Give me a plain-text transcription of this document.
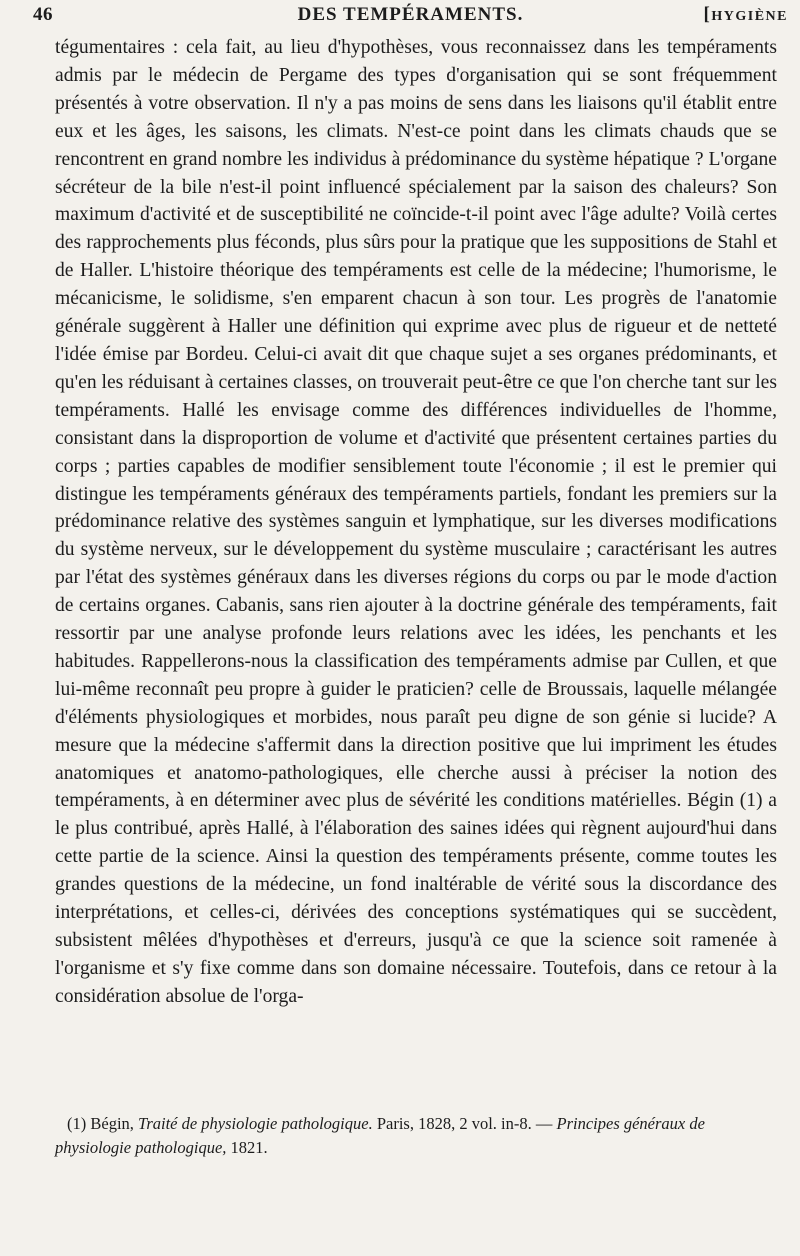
46	DES TEMPÉRAMENTS.
[	HYGIÈNE

tégumentaires : cela fait, au lieu d'hypothèses, vous reconnaissez dans les tempéraments admis par le médecin de Pergame des types d'organisation qui se sont fréquemment présentés à votre observation. Il n'y a pas moins de sens dans les liaisons qu'il établit entre eux et les âges, les saisons, les climats. N'est-ce point dans les climats chauds que se rencontrent en grand nombre les individus à prédominance du système hépatique ? L'organe sécréteur de la bile n'est-il point influencé spécialement par la saison des chaleurs? Son maximum d'activité et de susceptibilité ne coïncide-t-il point avec l'âge adulte? Voilà certes des rapprochements plus féconds, plus sûrs pour la pratique que les suppositions de Stahl et de Haller. L'histoire théorique des tempéraments est celle de la médecine; l'humorisme, le mécanicisme, le solidisme, s'en emparent chacun à son tour. Les progrès de l'anatomie générale suggèrent à Haller une définition qui exprime avec plus de rigueur et de netteté l'idée émise par Bordeu. Celui-ci avait dit que chaque sujet a ses organes prédominants, et qu'en les réduisant à certaines classes, on trouverait peut-être ce que l'on cherche tant sur les tempéraments. Hallé les envisage comme des différences individuelles de l'homme, consistant dans la disproportion de volume et d'activité que présentent certaines parties du corps ; parties capables de modifier sensiblement toute l'économie ; il est le premier qui distingue les tempéraments généraux des tempéraments partiels, fondant les premiers sur la prédominance relative des systèmes sanguin et lymphatique, sur les diverses modifications du système nerveux, sur le développement du système musculaire ; caractérisant les autres par l'état des systèmes généraux dans les diverses régions du corps ou par le mode d'action de certains organes. Cabanis, sans rien ajouter à la doctrine générale des tempéraments, fait ressortir par une analyse profonde leurs relations avec les idées, les penchants et les habitudes. Rappellerons-nous la classification des tempéraments admise par Cullen, et que lui-même reconnaît peu propre à guider le praticien? celle de Broussais, laquelle mélangée d'éléments physiologiques et morbides, nous paraît peu digne de son génie si lucide? A mesure que la médecine s'affermit dans la direction positive que lui impriment les études anatomiques et anatomo-pathologiques, elle cherche aussi à préciser la notion des tempéraments, à en déterminer avec plus de sévérité les conditions matérielles. Bégin (1) a le plus contribué, après Hallé, à l'élaboration des saines idées qui règnent aujourd'hui dans cette partie de la science. Ainsi la question des tempéraments présente, comme toutes les grandes questions de la médecine, un fond inaltérable de vérité sous la discordance des interprétations, et celles-ci, dérivées des conceptions systématiques qui se succèdent, subsistent mêlées d'hypothèses et d'erreurs, jusqu'à ce que la science soit ramenée à l'organisme et s'y fixe comme dans son domaine nécessaire. Toutefois, dans ce retour à la considération absolue de l'orga-

(1) Bégin, Traité de physiologie pathologique. Paris, 1828, 2 vol. in-8. — Principes généraux de physiologie pathologique, 1821.
